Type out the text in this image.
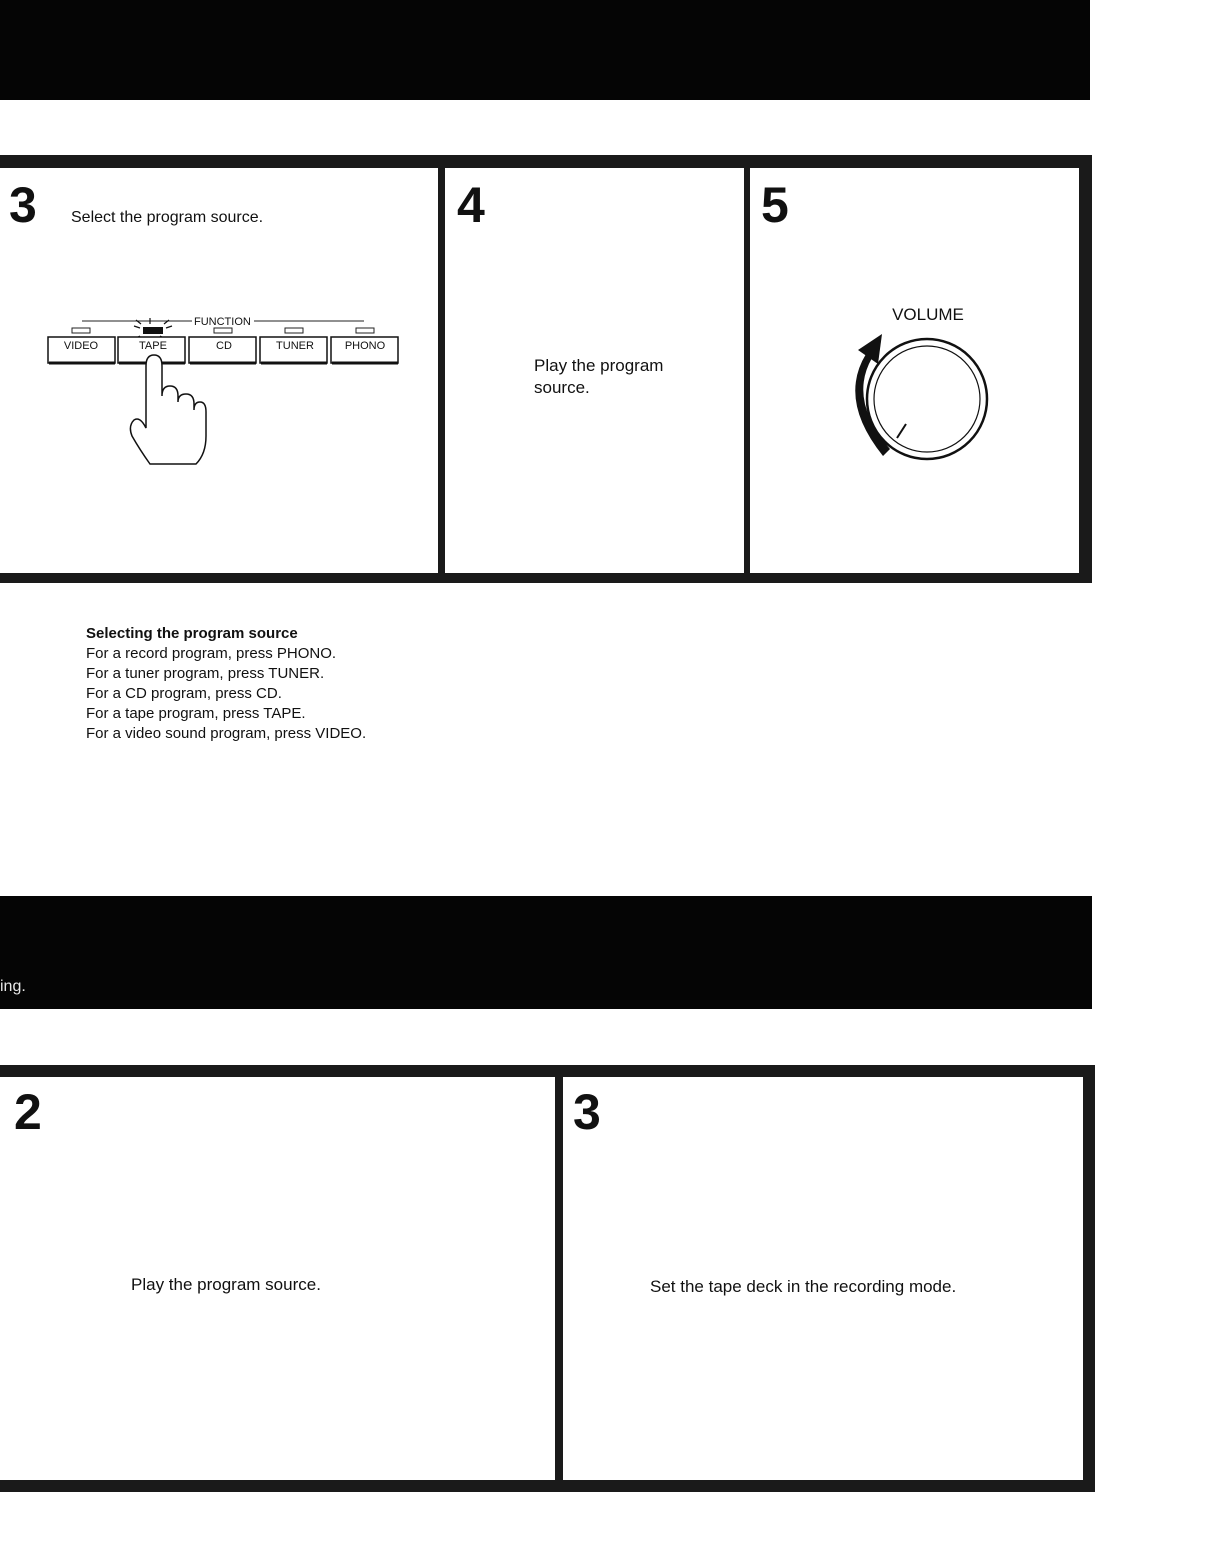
3 Select the program source.
FUNCTION
VIDEO	TAPE	CD	TUNER	PHONO
4
Play the program source.
5
VOLUME
Selecting the program source
For a record program, press PHONO.
For a tuner program, press TUNER.
For a CD program, press CD.
For a tape program, press TAPE.
For a video sound program, press VIDEO.
ing.
2
Play the program source.
3
Set the tape deck in the recording mode.
